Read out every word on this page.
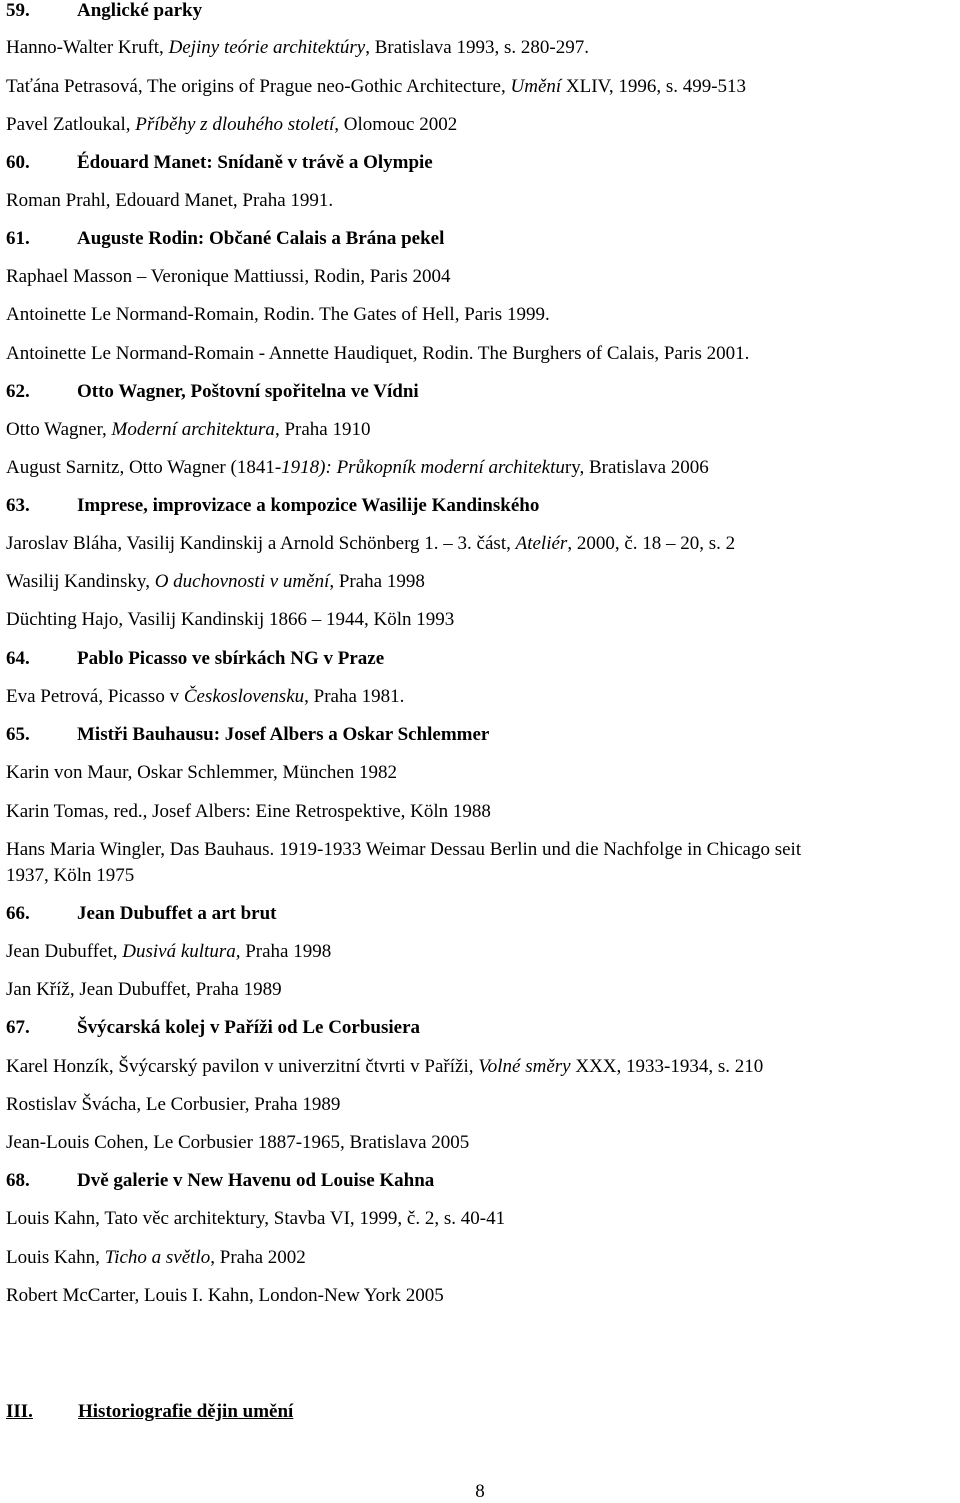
59. Anglické parky
Hanno-Walter Kruft, Dejiny teórie architektúry, Bratislava 1993, s. 280-297.
Taťána Petrasová, The origins of Prague neo-Gothic Architecture, Umění XLIV, 1996, s. 499-513
Pavel Zatloukal, Příběhy z dlouhého století, Olomouc 2002
60. Édouard Manet: Snídaně v trávě a Olympie
Roman Prahl, Edouard Manet, Praha 1991.
61. Auguste Rodin: Občané Calais a Brána pekel
Raphael Masson – Veronique Mattiussi, Rodin, Paris 2004
Antoinette Le Normand-Romain, Rodin. The Gates of Hell, Paris 1999.
Antoinette Le Normand-Romain - Annette Haudiquet, Rodin. The Burghers of Calais, Paris 2001.
62. Otto Wagner, Poštovní spořitelna ve Vídni
Otto Wagner, Moderní architektura, Praha 1910
August Sarnitz, Otto Wagner (1841-1918): Průkopník moderní architektury, Bratislava 2006
63. Imprese, improvizace a kompozice Wasilije Kandinského
Jaroslav Bláha, Vasilij Kandinskij a Arnold Schönberg 1. – 3. část, Ateliér, 2000, č. 18 – 20, s. 2
Wasilij Kandinsky, O duchovnosti v umění, Praha 1998
Düchting Hajo, Vasilij Kandinskij 1866 – 1944, Köln 1993
64. Pablo Picasso ve sbírkách NG v Praze
Eva Petrová, Picasso v Československu, Praha 1981.
65. Mistři Bauhausu: Josef Albers a Oskar Schlemmer
Karin von Maur, Oskar Schlemmer, München 1982
Karin Tomas, red., Josef Albers: Eine Retrospektive, Köln 1988
Hans Maria Wingler, Das Bauhaus. 1919-1933 Weimar Dessau Berlin und die Nachfolge in Chicago seit
1937, Köln 1975
66. Jean Dubuffet a art brut
Jean Dubuffet, Dusivá kultura, Praha 1998
Jan Kříž, Jean Dubuffet, Praha 1989
67. Švýcarská kolej v Paříži od Le Corbusiera
Karel Honzík, Švýcarský pavilon v univerzitní čtvrti v Paříži, Volné směry XXX, 1933-1934, s. 210
Rostislav Švácha, Le Corbusier, Praha 1989
Jean-Louis Cohen, Le Corbusier 1887-1965, Bratislava 2005
68. Dvě galerie v New Havenu od Louise Kahna
Louis Kahn, Tato věc architektury, Stavba VI, 1999, č. 2, s. 40-41
Louis Kahn, Ticho a světlo, Praha 2002
Robert McCarter, Louis I. Kahn, London-New York 2005
III. Historiografie dějin umění
8
